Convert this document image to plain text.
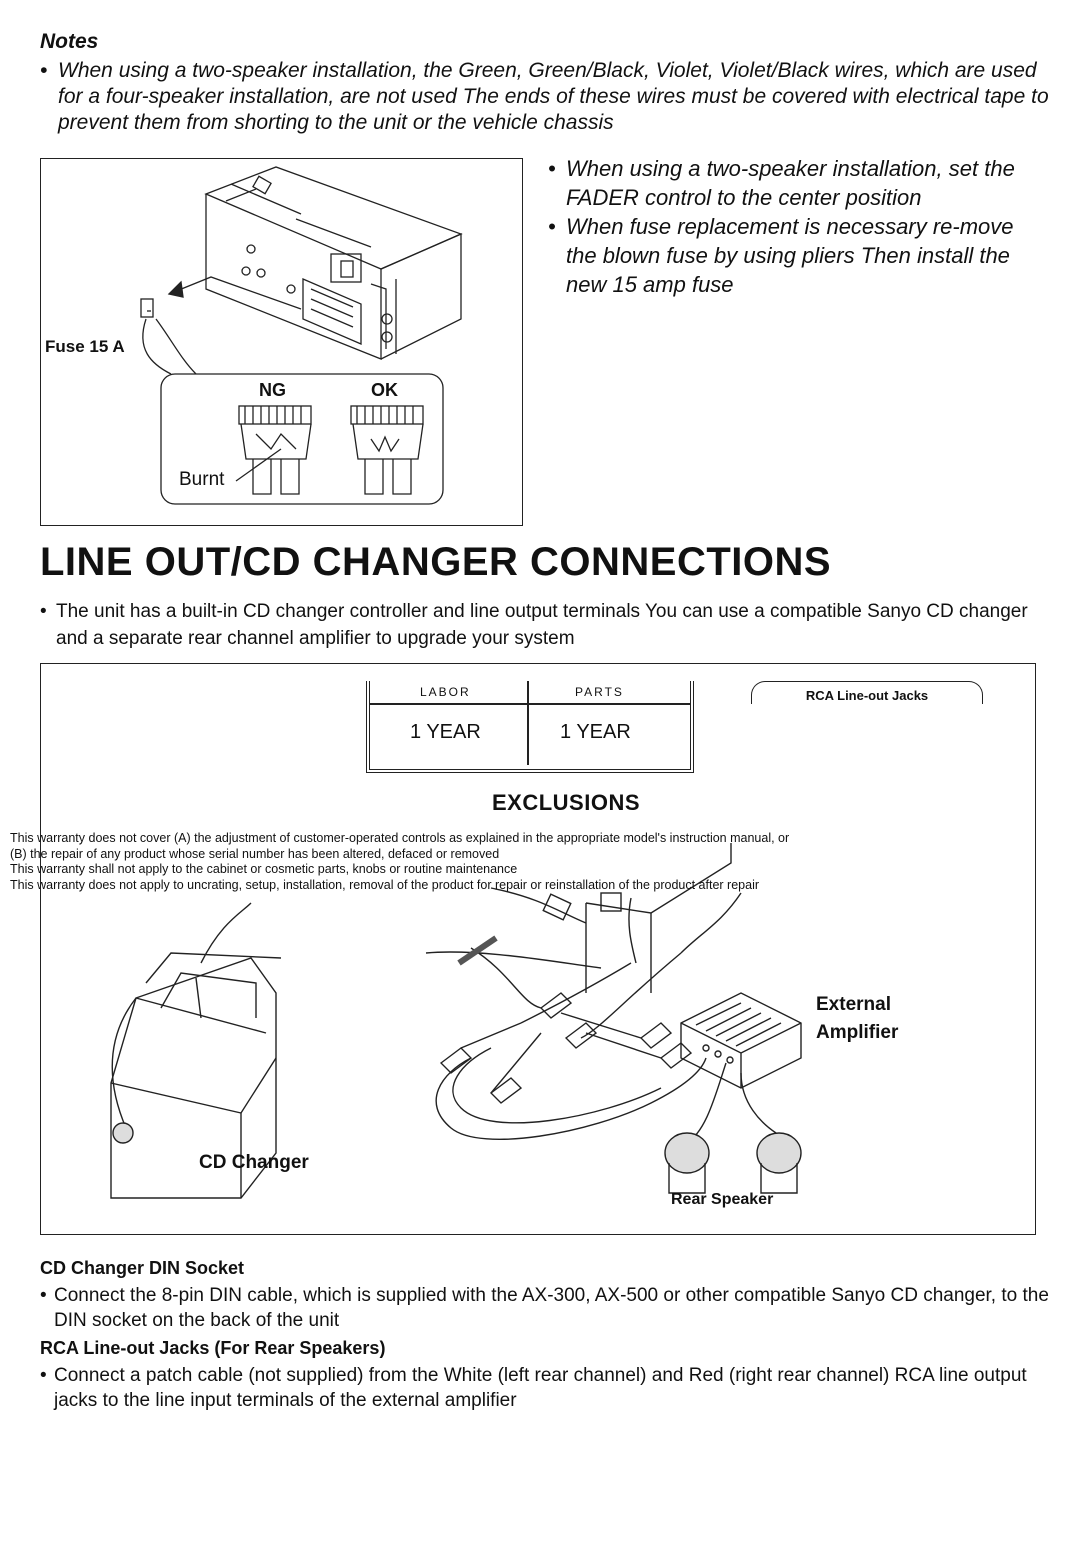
Notes
• When using a two-speaker installation, the Green, Green/Black, Violet, Violet/Black wires, which are used for a four-speaker installation, are not used The ends of these wires must be covered with electrical tape to prevent them from shorting to the unit or the vehicle chassis
Fuse 15 A
NG	OK
Burnt
• When using a two-speaker installation, set the FADER control to the center position
• When fuse replacement is necessary re-move the blown fuse by using pliers Then install the new 15 amp fuse
LINE OUT/CD CHANGER CONNECTIONS
• The unit has a built-in CD changer controller and line output terminals You can use a compatible Sanyo CD changer and a separate rear channel amplifier to upgrade your system
LABOR	PARTS
1 YEAR	1 YEAR
RCA Line-out Jacks
External
Amplifier
CD Changer
Rear Speaker
EXCLUSIONS
This warranty does not cover (A) the adjustment of customer-operated controls as explained in the appropriate model's instruction manual, or
(B) the repair of any product whose serial number has been altered, defaced or removed
This warranty shall not apply to the cabinet or cosmetic parts, knobs or routine maintenance
This warranty does not apply to uncrating, setup, installation, removal of the product for repair or reinstallation of the product after repair
CD Changer DIN Socket
• Connect the 8-pin DIN cable, which is supplied with the AX-300, AX-500 or other compatible Sanyo CD changer, to the DIN socket on the back of the unit
RCA Line-out Jacks (For Rear Speakers)
• Connect a patch cable (not supplied) from the White (left rear channel) and Red (right rear channel) RCA line output jacks to the line input terminals of the external amplifier
